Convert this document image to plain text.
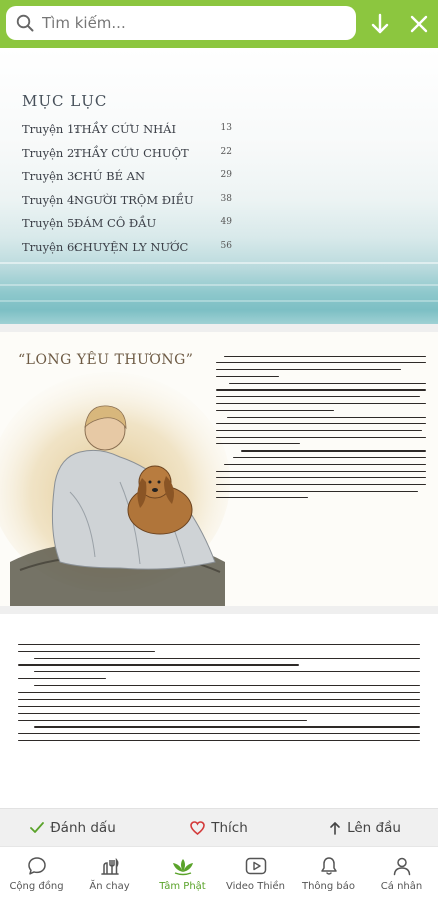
Tìm kiếm...
MỤC LỤC
Truyện 1:THẦY CỨU NHÁI	13
Truyện 2:THẦY CỨU CHUỘT	22
Truyện 3:CHÚ BÉ AN	29
Truyện 4:NGƯỜI TRỘM ĐIỀU	38
Truyện 5:ĐÁM CÔ ĐẦU	49
Truyện 6:CHUYỆN LY NƯỚC	56
“LONG YÊU THƯƠNG”
Đánh dấu	Thích	Lên đầu
Cộng đồng	Ăn chay	Tâm Phật Video Thiền Thông báo	Cá nhân
